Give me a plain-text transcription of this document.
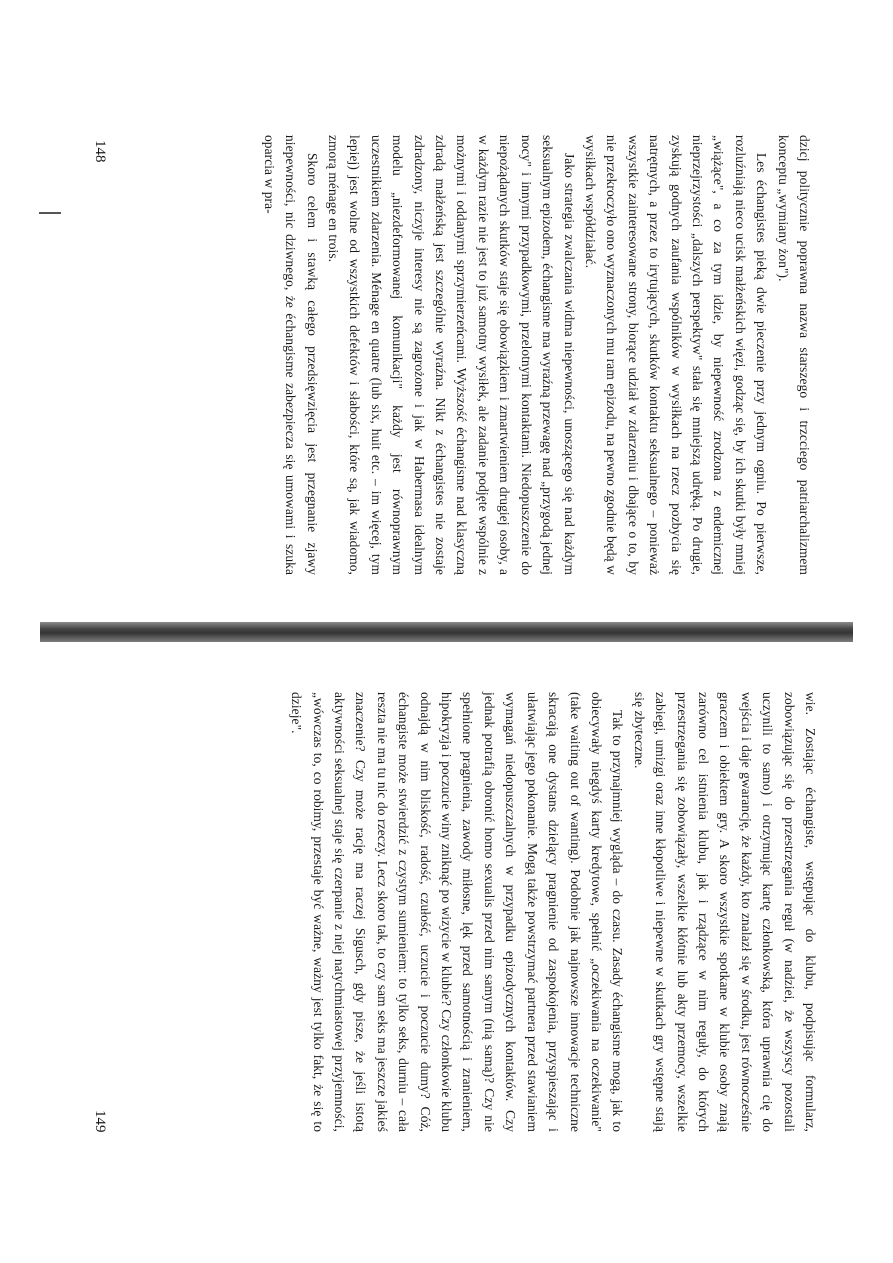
dzicj politycznie poprawna nazwa starszego i trzcciego patriarchalizmem konceptu „wymiany żon").

Les échangistes pieką dwie pieczenie przy jednym ogniu. Po pierwsze, rozluźniają nieco ucisk małżeńskich więzi, godząc się, by ich skutki były mniej „wiążące", a co za tym idzie, by niepewność zrodzona z endemicznej nieprzejrzystości „dalszych perspektyw" stała się mniejszą udręką. Po drugie, zyskują godnych zaufania wspólników w wysiłkach na rzecz pozbycia się natrętnych, a przez to irytujących, skutków kontaktu seksualnego – ponieważ wszystkie zainteresowane strony, biorące udział w zdarzeniu i dbające o to, by nie przekroczyło ono wyznaczonych mu ram epizodu, na pewno zgodnie będą w wysiłkach współdziałać.

Jako strategia zwalczania widma niepewności, unoszącego się nad każdym seksualnym epizodem, échangisme ma wyraźną przewagę nad „przygodą jednej nocy" i innymi przypadkowymi, przelotnymi kontaktami. Niedopuszczenie do niepożądanych skutków staje się obowiązkiem i zmartwieniem drugiej osoby, a w każdym razie nie jest to już samotny wysiłek, ale zadanie podjęte wspólnie z możnymi i oddanymi sprzymierzeńcami. Wyższość échangisme nad klasyczną zdradą małżeńską jest szczególnie wyraźna. Nikt z échangistes nie zostaje zdradzony, niczyje interesy nie są zagrożone i jak w Habermasa idealnym modelu „niezdeformowanej komunikacji" każdy jest równoprawnym uczestnikiem zdarzenia. Ménage en quatre (lub six, huit etc. – im więcej, tym lepiej) jest wolne od wszystkich defektów i słabości, które są, jak wiadomo, zmorą ménage en trois.

Skoro celem i stawką całego przedsięwzięcia jest przegnanie zjawy niepewności, nic dziwnego, że échangisme zabezpiecza się umowami i szuka oparcia w pra-

148

wie. Zostając échangiste, wstępując do klubu, podpisując formularz, zobowiązując się do przestrzegania reguł (w nadziei, że wszyscy pozostali uczynili to samo) i otrzymując kartę członkowską, która uprawnia cię do wejścia i daje gwarancję, że każdy, kto znalazł się w środku, jest równocześnie graczem i obiektem gry. A skoro wszystkie spotkane w klubie osoby znają zarówno cel istnienia klubu, jak i rządzące w nim reguły, do których przestrzegania się zobowiązały, wszelkie kłótnie lub akty przemocy, wszelkie zabiegi, umizgi oraz inne kłopotliwe i niepewne w skutkach gry wstępne stają się zbyteczne.

Tak to przynajmniej wygląda – do czasu. Zasady échangisme mogą, jak to obiecywały niegdyś karty kredytowe, spełnić „oczekiwania na oczekiwanie" (take waiting out of wanting). Podobnie jak najnowsze innowacje techniczne skracają one dystans dzielący pragnienie od zaspokojenia, przyspieszając i ułatwiając jego pokonanie. Mogą także powstrzymać partnera przed stawianiem wymagań niedopuszczalnych w przypadku epizodycznych kontaktów. Czy jednak potrafią obronić homo sexualis przed nim samym (nią samą)? Czy nie spełnione pragnienia, zawody miłosne, lęk przed samotnością i zranieniem, hipokryzja i poczucie winy zniknąć po wizycie w klubie? Czy członkowie klubu odnajdą w nim bliskość, radość, czułość, uczucie i poczucie dumy? Cóż, échangiste może stwierdzić z czystym sumieniem: to tylko seks, durniu – cała reszta nie ma tu nic do rzeczy. Lecz skoro tak, to czy sam seks ma jeszcze jakieś znaczenie? Czy może rację ma raczej Sigusch, gdy pisze, że jeśli istotą aktywności seksualnej staje się czerpanie z niej natychmiastowej przyjemności, „wówczas to, co robimy, przestaje być ważne, ważny jest tylko fakt, że się to dzieje".

149
